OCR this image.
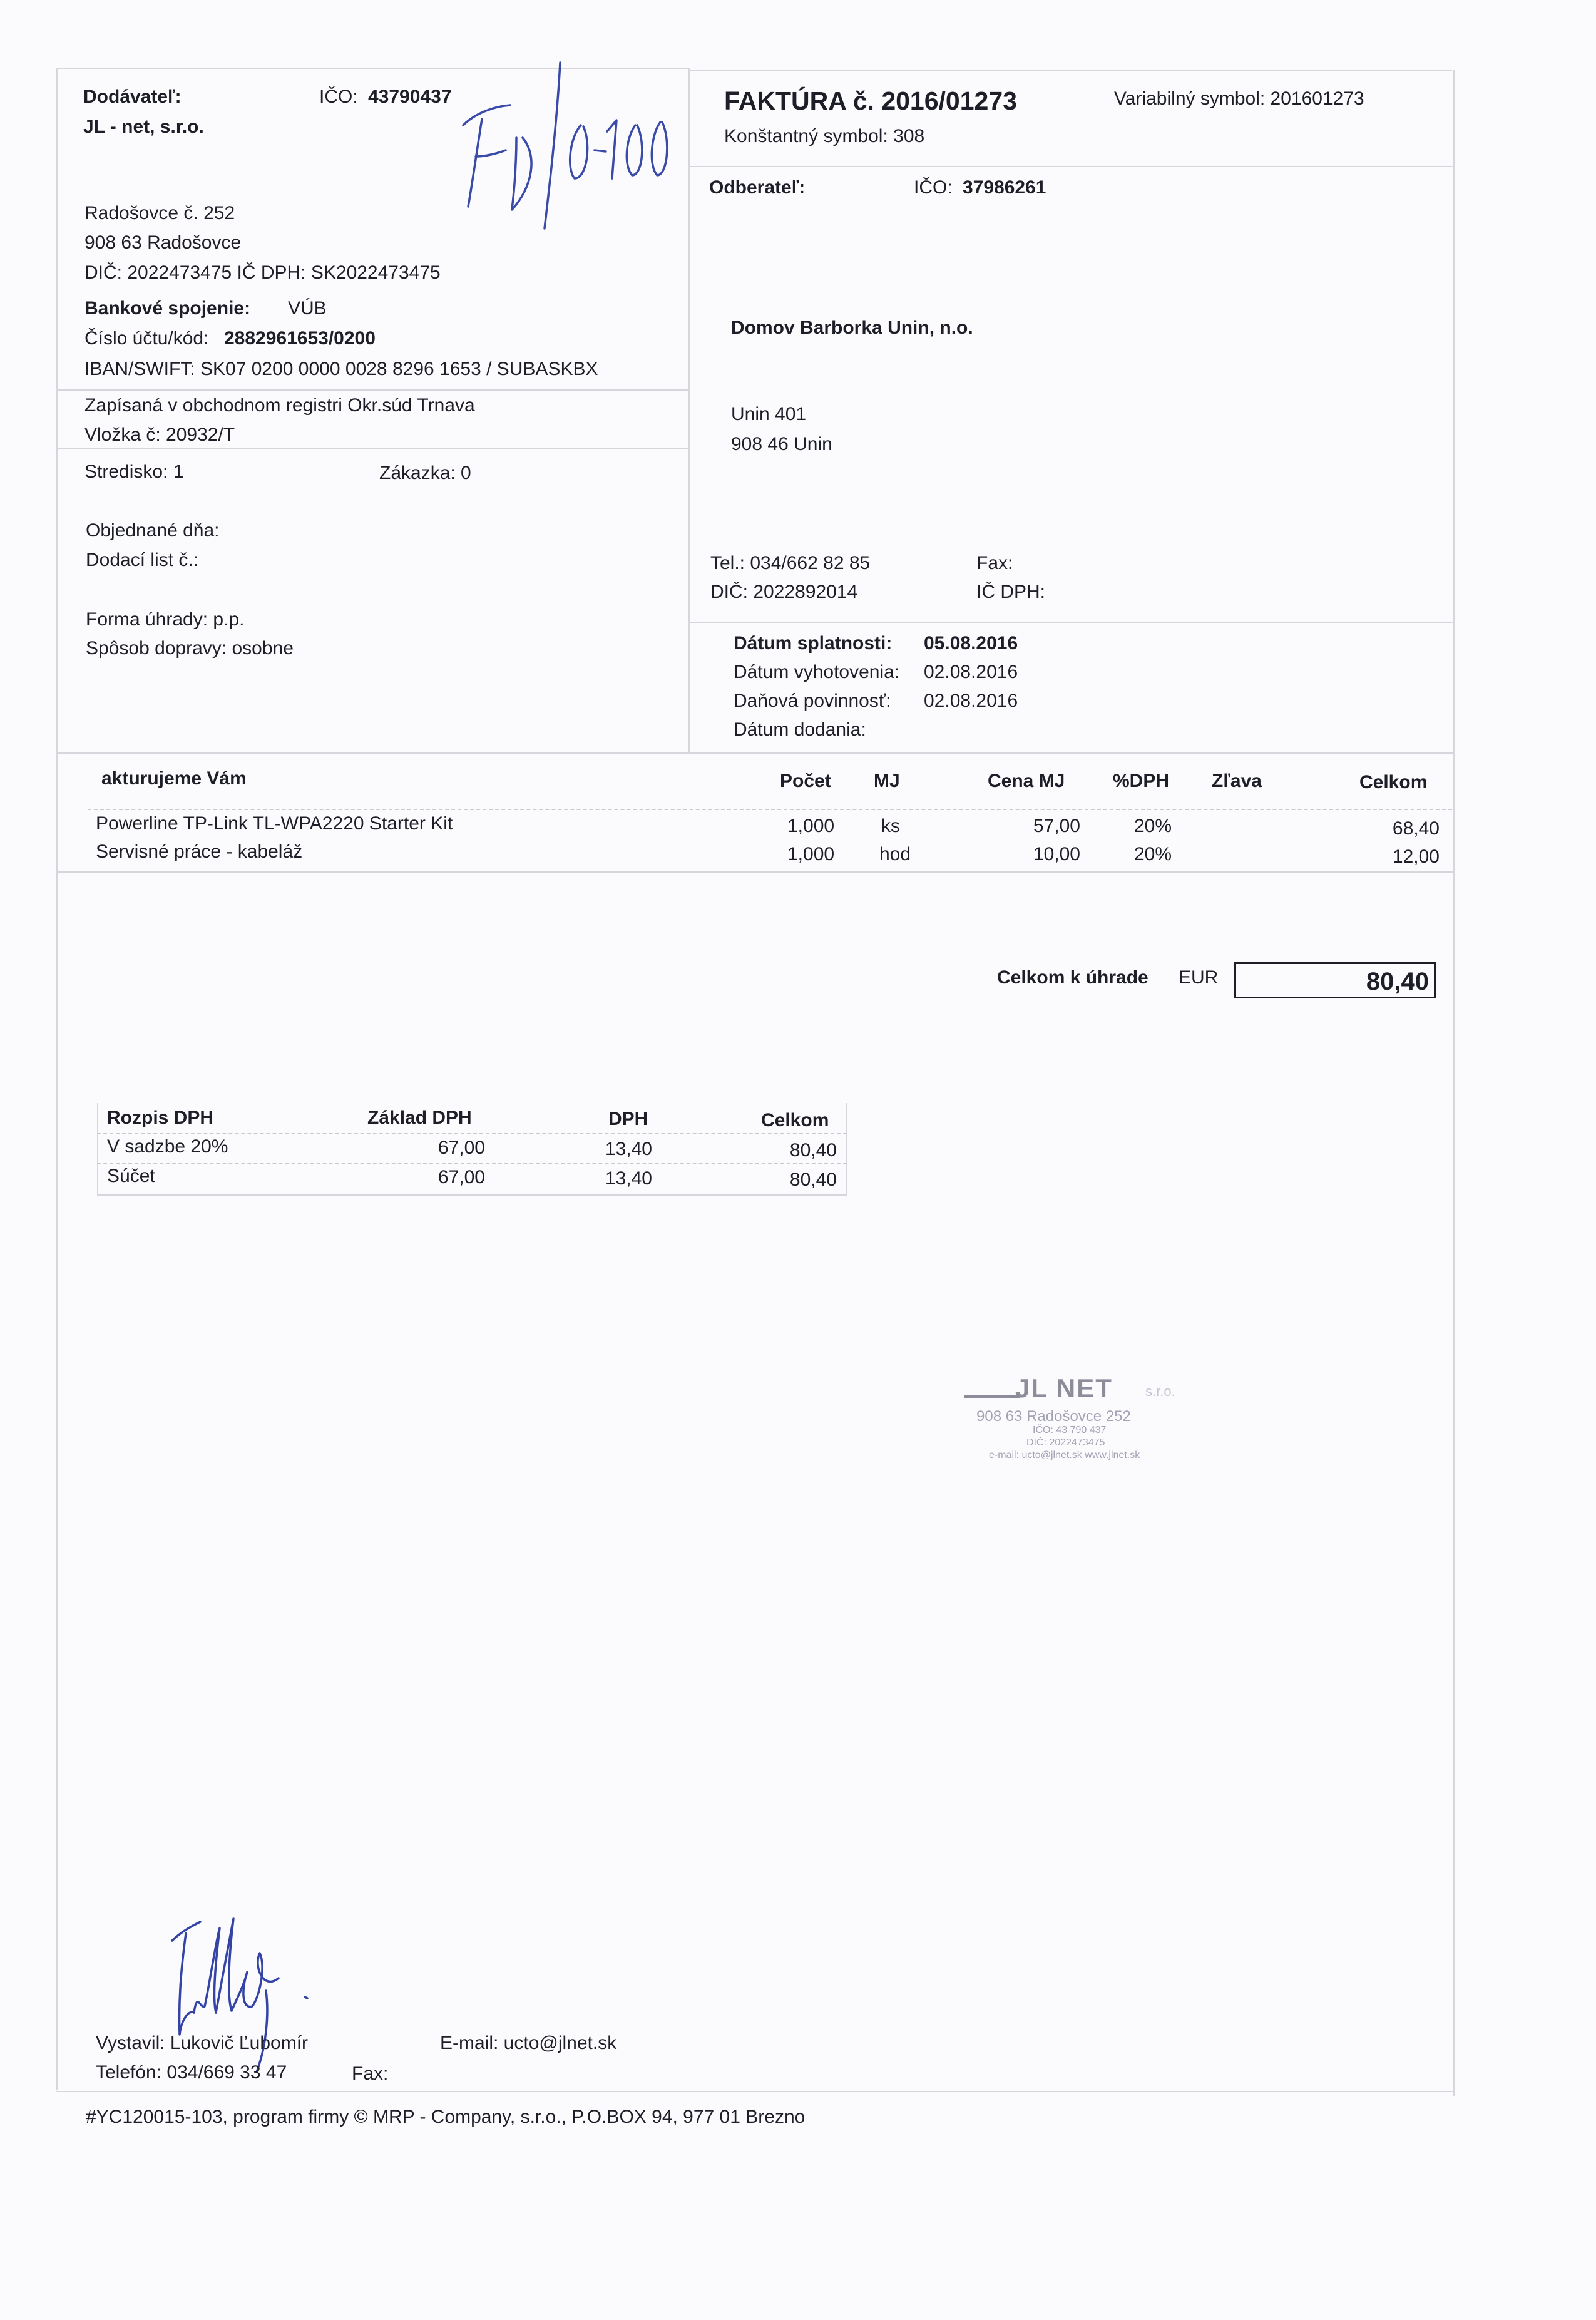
Dodávateľ:
JL - net, s.r.o.
IČO: 43790437
Radošovce č. 252
908 63 Radošovce
DIČ: 2022473475 IČ DPH: SK2022473475
Bankové spojenie: VÚB
Číslo účtu/kód: 2882961653/0200
IBAN/SWIFT: SK07 0200 0000 0028 8296 1653 / SUBASKBX
Zapísaná v obchodnom registri Okr.súd Trnava
Vložka č: 20932/T
Stredisko: 1	Zákazka: 0
FAKTÚRA č. 2016/01273	Variabilný symbol: 201601273
Konštantný symbol: 308
Odberateľ:	IČO: 37986261
Domov Barborka Unin, n.o.
Unin 401
908 46 Unin
Tel.: 034/662 82 85	Fax:
DIČ: 2022892014	IČ DPH:
Objednané dňa:
Dodací list č.:
Forma úhrady: p.p.
Spôsob dopravy: osobne	Dátum splatnosti: 05.08.2016
Dátum vyhotovenia: 02.08.2016
Daňová povinnosť: 02.08.2016
Dátum dodania:
akturujeme Vám	Počet MJ	Cena MJ	%DPH Zľava	Celkom
Powerline TP-Link TL-WPA2220 Starter Kit	1,000 ks	57,00	20%	68,40
Servisné práce - kabeláž	1,000 hod	10,00	20%	12,00
Celkom k úhrade EUR	80,40
Rozpis DPH	Základ DPH	DPH	Celkom
V sadzbe 20%	67,00	13,40	80,40
Súčet	67,00	13,40	80,40
JL NET s.r.o.
908 63 Radošovce 252
IČO: 43 790 437
DIČ: 2022473475
e-mail: ucto@jlnet.sk www.jlnet.sk
Vystavil: Lukovič Ľubomír	E-mail: ucto@jlnet.sk
Telefón: 034/669 33 47	Fax:
#YC120015-103, program firmy © MRP - Company, s.r.o., P.O.BOX 94, 977 01 Brezno
